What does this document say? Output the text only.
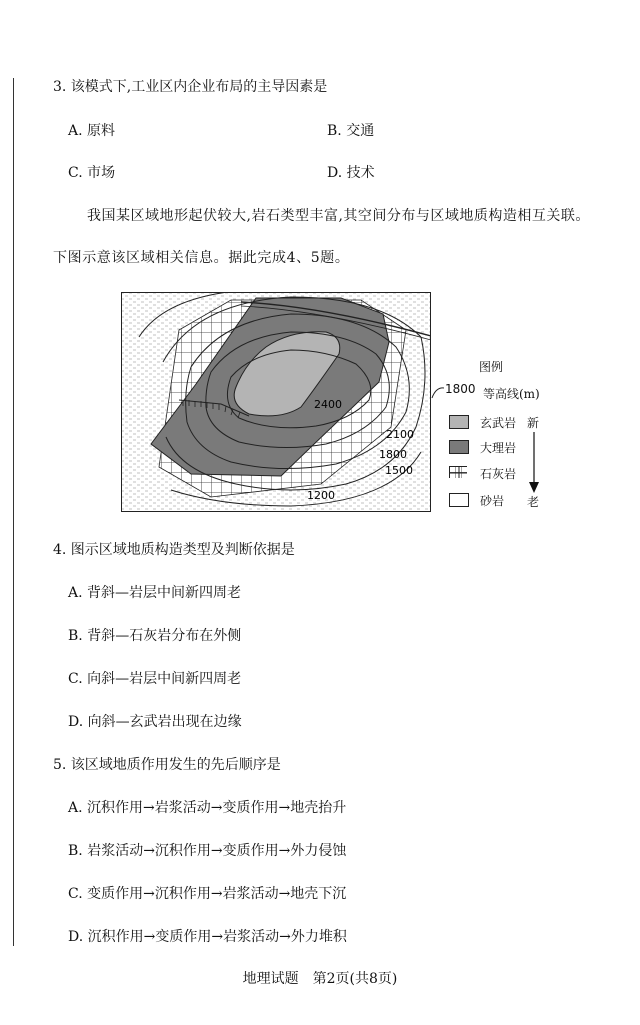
3. 该模式下,工业区内企业布局的主导因素是
A. 原料	B. 交通
C. 市场	D. 技术
我国某区域地形起伏较大,岩石类型丰富,其空间分布与区域地质构造相互关联。
下图示意该区域相关信息。据此完成4、5题。
2400
2100
1800
1500
1200
图例
1800 等高线(m)
玄武岩
大理岩
石灰岩
砂岩
新
老
4. 图示区域地质构造类型及判断依据是
A. 背斜—岩层中间新四周老
B. 背斜—石灰岩分布在外侧
C. 向斜—岩层中间新四周老
D. 向斜—玄武岩出现在边缘
5. 该区域地质作用发生的先后顺序是
A. 沉积作用→岩浆活动→变质作用→地壳抬升
B. 岩浆活动→沉积作用→变质作用→外力侵蚀
C. 变质作用→沉积作用→岩浆活动→地壳下沉
D. 沉积作用→变质作用→岩浆活动→外力堆积
地理试题　第2页(共8页)
